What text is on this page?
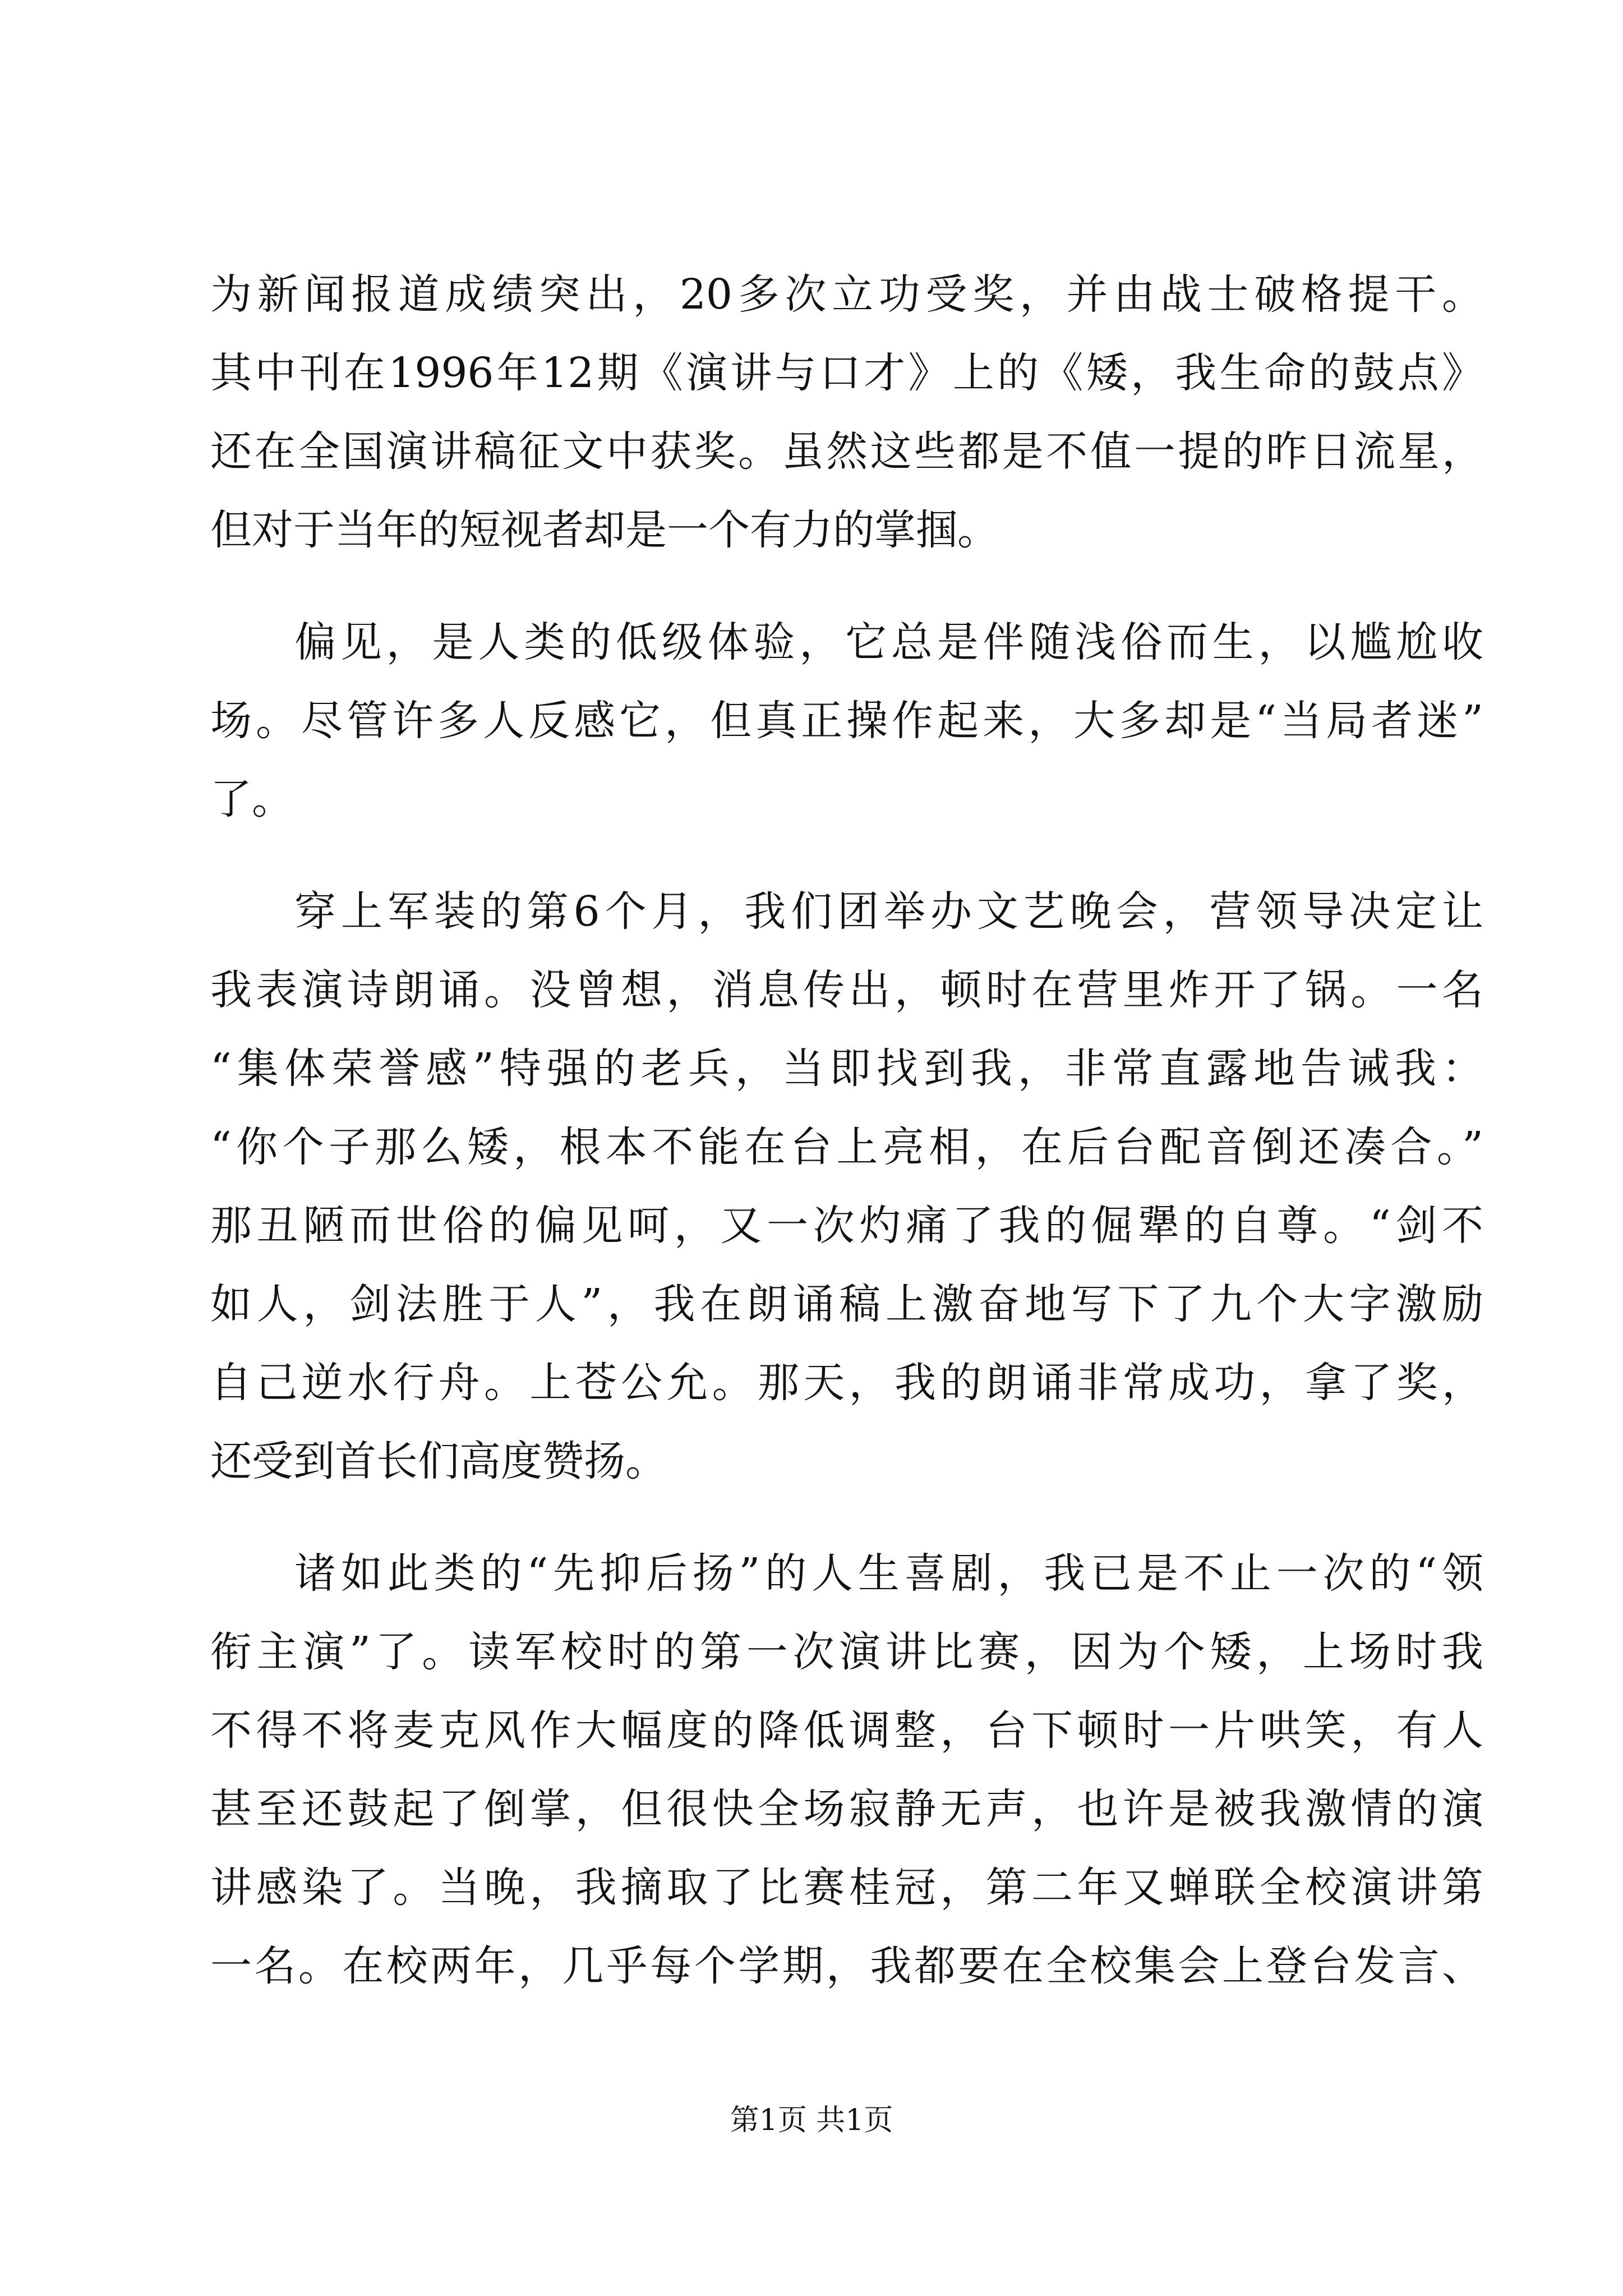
为新闻报道成绩突出，20多次立功受奖，并由战士破格提干。
其中刊在1996年12期《演讲与口才》上的《矮，我生命的鼓点》
还在全国演讲稿征文中获奖。虽然这些都是不值一提的昨日流星，
但对于当年的短视者却是一个有力的掌掴。
偏见，是人类的低级体验，它总是伴随浅俗而生，以尴尬收
场。尽管许多人反感它，但真正操作起来，大多却是“当局者迷”
了。
穿上军装的第6个月，我们团举办文艺晚会，营领导决定让
我表演诗朗诵。没曾想，消息传出，顿时在营里炸开了锅。一名
“集体荣誉感”特强的老兵，当即找到我，非常直露地告诫我：
“你个子那么矮，根本不能在台上亮相，在后台配音倒还凑合。”
那丑陋而世俗的偏见呵，又一次灼痛了我的倔犟的自尊。“剑不
如人，剑法胜于人”，我在朗诵稿上激奋地写下了九个大字激励
自己逆水行舟。上苍公允。那天，我的朗诵非常成功，拿了奖，
还受到首长们高度赞扬。
诸如此类的“先抑后扬”的人生喜剧，我已是不止一次的“领
衔主演”了。读军校时的第一次演讲比赛，因为个矮，上场时我
不得不将麦克风作大幅度的降低调整，台下顿时一片哄笑，有人
甚至还鼓起了倒掌，但很快全场寂静无声，也许是被我激情的演
讲感染了。当晚，我摘取了比赛桂冠，第二年又蝉联全校演讲第
一名。在校两年，几乎每个学期，我都要在全校集会上登台发言、
第1页 共1页
